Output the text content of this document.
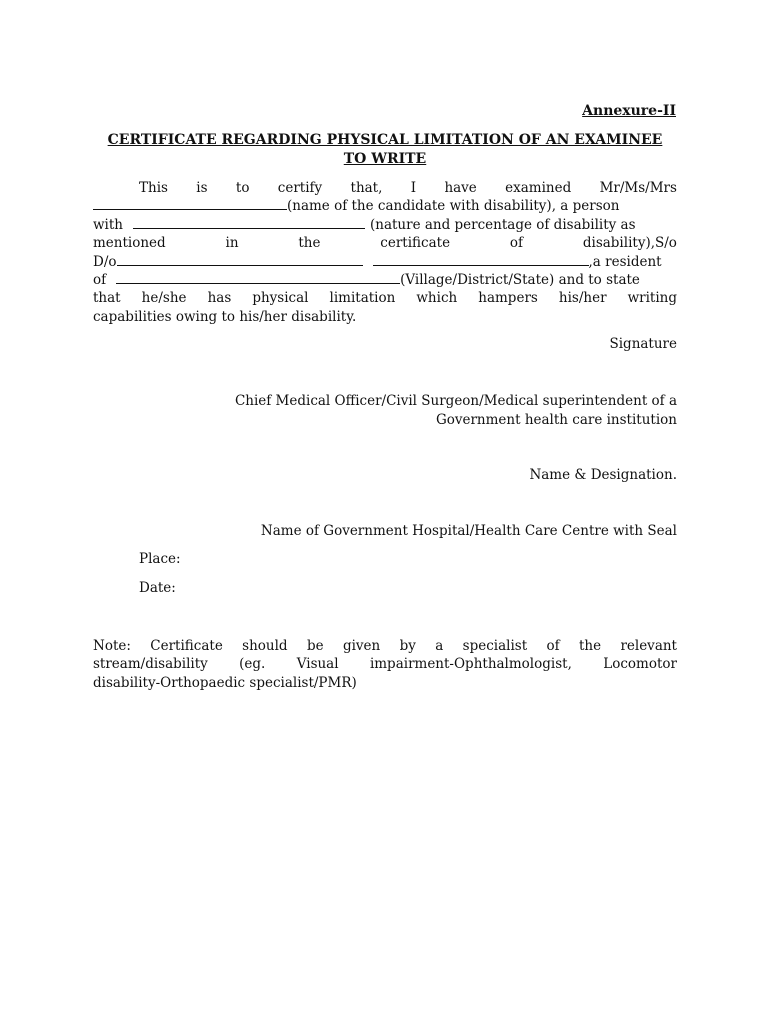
Annexure-II
CERTIFICATE REGARDING PHYSICAL LIMITATION OF AN EXAMINEE
TO WRITE
This is to certify that, I have examined Mr/Ms/Mrs
(name of the candidate with disability), a person
with	(nature and percentage of disability as
mentioned	in	the	certificate	of	disability),S/o
D/o	,a resident
of	(Village/District/State) and to state
that he/she has physical limitation which hampers his/her writing
capabilities owing to his/her disability.
Signature
Chief Medical Officer/Civil Surgeon/Medical superintendent of a
Government health care institution
Name & Designation.
Name of Government Hospital/Health Care Centre with Seal
Place:
Date:
Note: Certificate should be given by a specialist of the relevant
stream/disability (eg. Visual impairment-Ophthalmologist, Locomotor
disability-Orthopaedic specialist/PMR)
